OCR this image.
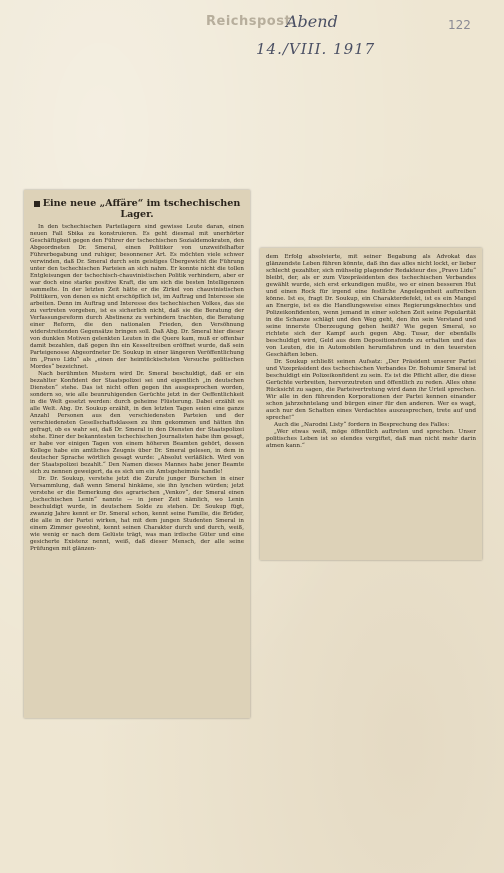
Reichspost
Abend
14./VIII. 1917
122
Eine neue „Affäre“ im tschechischen Lager.

In den tschechischen Parteilagern sind gewisse Leute daran, einen neuen Fall Sbika zu konstruieren. Es geht diesmal mit unerhörter Geschäftigkeit gegen den Führer der tschechischen Sozialdemokraten, den Abgeordneten Dr. Smeral, einen Politiker von unzweifelhafter Führerbegabung und ruhiger, besonnener Art. Es möchten viele schwer verwinden, daß Dr. Smeral durch sein geistiges Übergewicht die Führung unter den tschechischen Parteien an sich nahm. Er konnte nicht die tollen Entgleisungen der tschechisch-chauvinistischen Politik verhindern, aber er war doch eine starke positive Kraft, die um sich die besten Intelligenzen sammelte. In der letzten Zeit hätte er die Zirkel von chauvinistischen Politikern, von denen es nicht erschöpflich ist, im Auftrag und Interesse sie arbeiten. Denn im Auftrag und Interesse des tschechischen Volkes, das sie zu vertreten vorgeben, ist es sicherlich nicht, daß sie die Beratung der Verfassungsreform durch Abstinenz zu verhindern trachten, die Beratung einer Reform, die den nationalen Frieden, den Versöhnung widerstreitenden Gegensätze bringen soll. Daß Abg. Dr. Smeral hier dieser von dunklen Motiven gelenkten Leuten in die Quere kam, muß er offenbar damit bezahlen, daß gegen ihn ein Kesseltreiben eröffnet wurde, daß sein Parteigenosse Abgeordneter Dr. Soukup in einer längeren Veröffentlichung im „Pravo Lidu“ als „einen der heimtückischsten Versuche politischen Mordes“ bezeichnet.

Nach berühmten Mustern wird Dr. Smeral beschuldigt, daß er ein bezahlter Konfident der Staatspolizei sei und eigentlich „in deutschen Diensten“ stehe. Das ist nicht offen gegen ihn ausgesprochen worden, sondern so, wie alle beunruhigenden Gerüchte jetzt in der Oeffentlichkeit in die Welt gesetzt werden: durch geheime Flüsterung. Dabei erzählt es alle Welt. Abg. Dr. Soukup erzählt, in den letzten Tagen seien eine ganze Anzahl Personen aus den verschiedensten Parteien und der verschiedensten Gesellschaftsklassen zu ihm gekommen und hätten ihn gefragt, ob es wahr sei, daß Dr. Smeral in den Diensten der Staatspolizei stehe. Einer der bekanntesten tschechischen Journalisten habe ihm gesagt, er habe vor einigen Tagen von einem höheren Beamten gehört, dessen Kollege habe ein amtliches Zeugnis über Dr. Smeral gelesen, in dem in deutscher Sprache wörtlich gesagt wurde: „Absolut verläßlich. Wird von der Staatspolizei bezahlt.“ Den Namen dieses Mannes habe jener Beamte sich zu nennen geweigert, da es sich um ein Amtsgeheimnis handle!

Dr. Dr. Soukup, verstehe jetzt die Zurufe junger Burschen in einer Versammlung, daß wenn Smeral hinkäme, sie ihn lynchen würden; jetzt verstehe er die Bemerkung des agrarischen „Venkov“, der Smeral einen „tschechischen Lenin“ nannte — in jener Zeit nämlich, wo Lenin beschuldigt wurde, in deutschem Solde zu stehen. Dr. Soukup fügt, zwanzig Jahre kennt er Dr. Smeral schon, kennt seine Familie, die Brüder, die alle in der Partei wirken, hat mit dem jungen Studenten Smeral in einem Zimmer gewohnt, kennt seinen Charakter durch und durch, weiß, wie wenig er nach dem Gelüste trägt, was man irdische Güter und eine gesicherte Existenz nennt, weiß, daß dieser Mensch, der alle seine Prüfungen mit glänzen-

dem Erfolg absolvierte, mit seiner Begabung als Advokat das glänzendste Leben führen könnte, daß ihn das alles nicht lockt, er lieber schlecht gezahlter, sich mühselig plagender Redakteur des „Pravo Lidu“ bleibt, der, als er zum Vizepräsidenten des tschechischen Verbandes gewählt wurde, sich erst erkundigen mußte, wo er einen besseren Hut und einen Rock für irgend eine festliche Angelegenheit auftreiben könne. Ist es, fragt Dr. Soukup, ein Charakterdefekt, ist es ein Mangel an Energie, ist es die Handlungsweise eines Regierungsknechtes und Polizeikonfidenten, wenn jemand in einer solchen Zeit seine Popularität in die Schanze schlägt und den Weg geht, den ihn sein Verstand und seine innerste Überzeugung gehen heißt? Wie gegen Smeral, so richtete sich der Kampf auch gegen Abg. Tusar, der ebenfalls beschuldigt wird, Geld aus dem Depositionsfonds zu erhalten und das von Leuten, die in Automobilen herumfahren und in den teuersten Geschäften leben.

Dr. Soukup schließt seinen Aufsatz: „Der Präsident unserer Partei und Vizepräsident des tschechischen Verbandes Dr. Bohumir Smeral ist beschuldigt ein Polizeikonfident zu sein. Es ist die Pflicht aller, die diese Gerüchte verbreiten, hervorzutreten und öffentlich zu reden. Alles ohne Rücksicht zu sagen, die Parteivertretung wird dann ihr Urteil sprechen. Wir alle in den führenden Korporationen der Partei kennen einander schon jahrzehntelang und bürgen einer für den anderen. Wer es wagt, auch nur den Schatten eines Verdachtes auszusprechen, trete auf und spreche!“

Auch die „Narodni Listy“ fordern in Besprechung des Falles:

„Wer etwas weiß, möge öffentlich auftreten und sprechen. Unser politisches Leben ist so elendes vergiftet, daß man nicht mehr darin atmen kann.“
